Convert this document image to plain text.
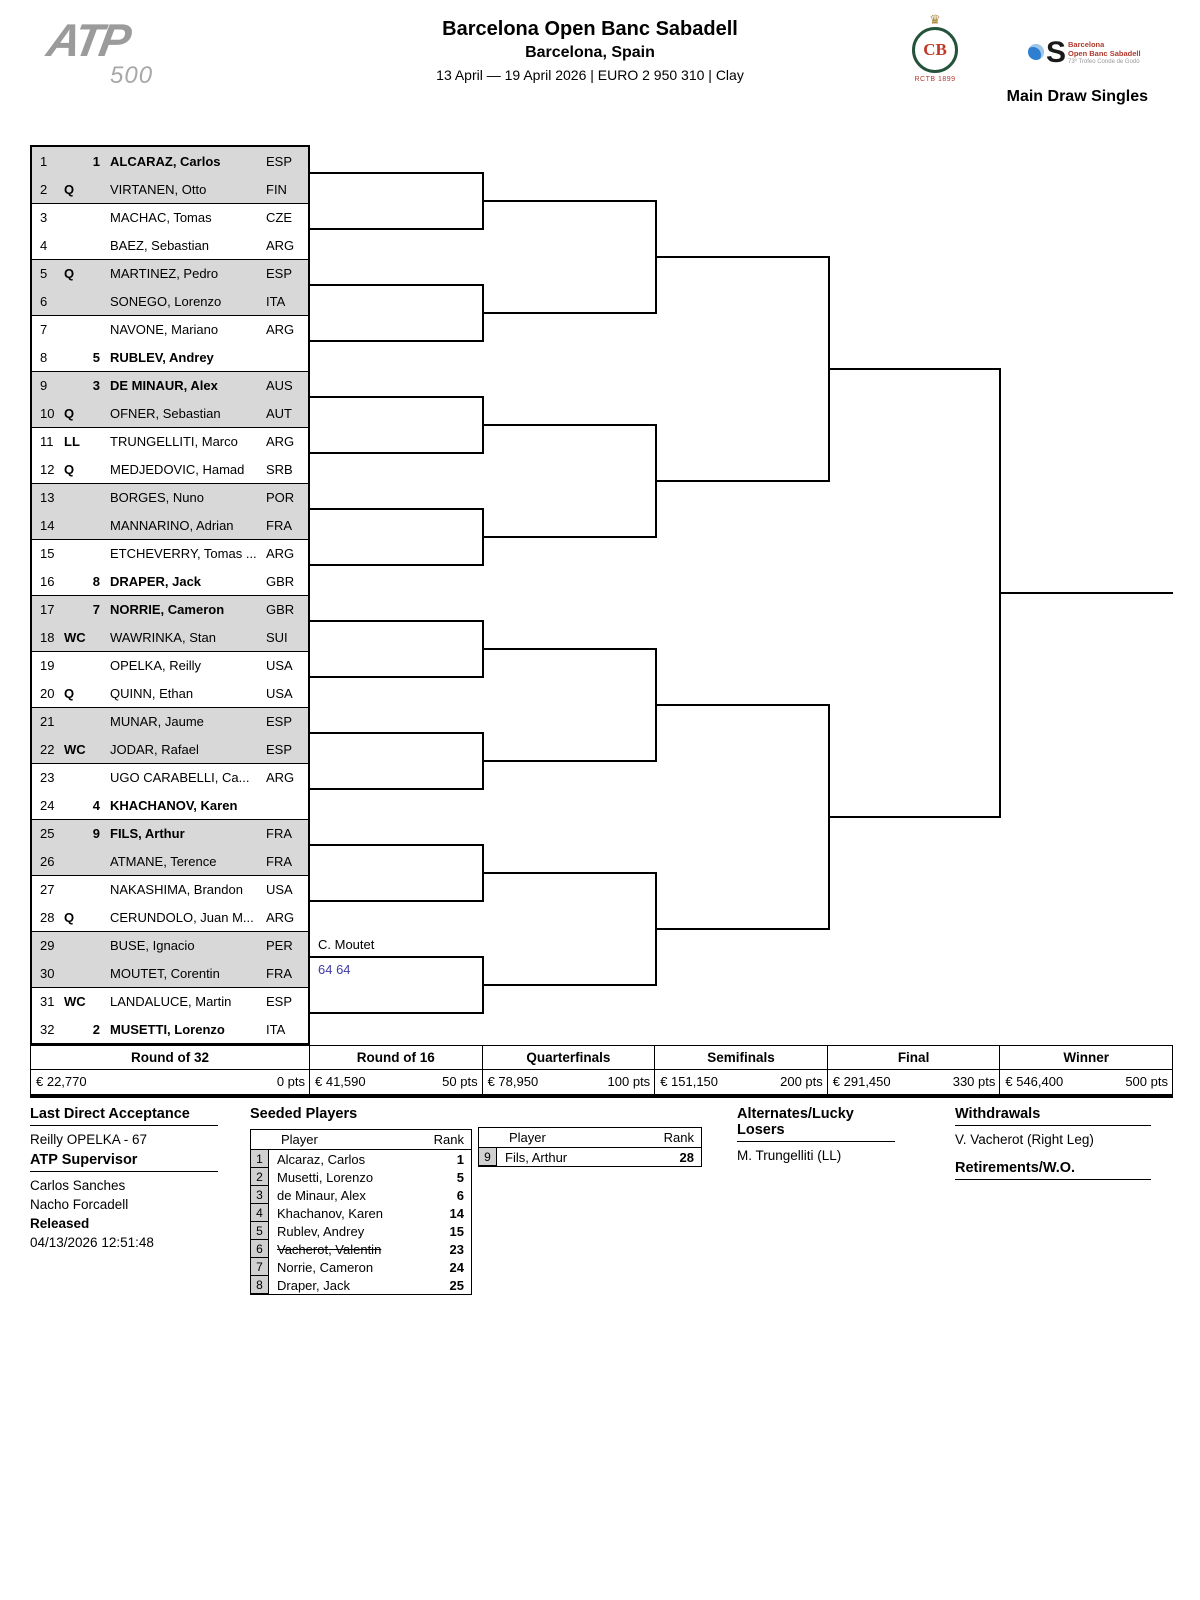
ATP
500
Barcelona Open Banc Sabadell
Barcelona, Spain
13 April — 19 April 2026 | EURO 2 950 310 | Clay
♛
CB
RCTB 1899
S Barcelona
Open Banc Sabadell
73º Trofeo Conde de Godó
Main Draw Singles
1	1 ALCARAZ, Carlos	ESP
2	Q	VIRTANEN, Otto	FIN
3	MACHAC, Tomas	CZE
4	BAEZ, Sebastian	ARG
5	Q	MARTINEZ, Pedro	ESP
6	SONEGO, Lorenzo	ITA
7	NAVONE, Mariano	ARG
8	5 RUBLEV, Andrey
9	3 DE MINAUR, Alex	AUS
10 Q	OFNER, Sebastian	AUT
11 LL	TRUNGELLITI, Marco	ARG
12 Q	MEDJEDOVIC, Hamad	SRB
13	BORGES, Nuno	POR
14	MANNARINO, Adrian	FRA
15	ETCHEVERRY, Tomas ... ARG
16	8 DRAPER, Jack	GBR
17	7 NORRIE, Cameron	GBR
18 WC	WAWRINKA, Stan	SUI
19	OPELKA, Reilly	USA
20 Q	QUINN, Ethan	USA
21	MUNAR, Jaume	ESP
22 WC	JODAR, Rafael	ESP
23	UGO CARABELLI, Ca...	ARG
24	4 KHACHANOV, Karen
25	9 FILS, Arthur	FRA
26	ATMANE, Terence	FRA
27	NAKASHIMA, Brandon	USA
28 Q	CERUNDOLO, Juan M... ARG
29	BUSE, Ignacio	PER
30	MOUTET, Corentin	FRA
31 WC	LANDALUCE, Martin	ESP
32	2 MUSETTI, Lorenzo	ITA
C. Moutet
64 64
Round of 32
€ 22,770	0 pts
Round of 16
€ 41,590	50 pts
Quarterfinals
€ 78,950	100 pts
Semifinals
€ 151,150	200 pts
Final
€ 291,450	330 pts
Winner
€ 546,400	500 pts
Last Direct Acceptance
Reilly OPELKA - 67
ATP Supervisor
Carlos Sanches
Nacho Forcadell
Released
04/13/2026 12:51:48
Seeded Players
Player	Rank
1	Alcaraz, Carlos	1
2	Musetti, Lorenzo	5
3	de Minaur, Alex	6
4	Khachanov, Karen	14
5	Rublev, Andrey	15
6	Vacherot, Valentin	23
7	Norrie, Cameron	24
8	Draper, Jack	25
Player	Rank
9	Fils, Arthur	28
Alternates/Lucky Losers
M. Trungelliti (LL)
Withdrawals
V. Vacherot (Right Leg)
Retirements/W.O.
